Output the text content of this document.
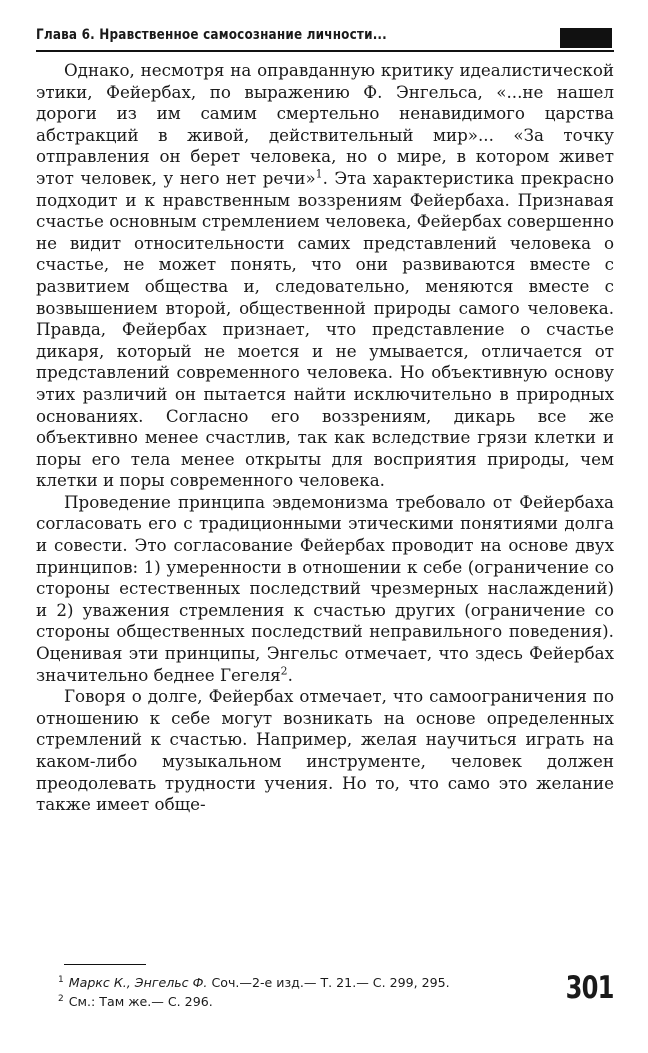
Глава 6. Нравственное самосознание личности...

Однако, несмотря на оправданную критику идеалистической этики, Фейербах, по выражению Ф. Энгельса, «...не нашел дороги из им самим смертельно ненавидимого царства абстракций в живой, действительный мир»... «За точку отправления он берет человека, но о мире, в котором живет этот человек, у него нет речи»$^1$. Эта характеристика прекрасно подходит и к нравственным воззрениям Фейербаха. Признавая счастье основным стремлением человека, Фейербах совершенно не видит относительности самих представлений человека о счастье, не может понять, что они развиваются вместе с развитием общества и, следовательно, меняются вместе с возвышением второй, общественной природы самого человека. Правда, Фейербах признает, что представление о счастье дикаря, который не моется и не умывается, отличается от представлений современного человека. Но объективную основу этих различий он пытается найти исключительно в природных основаниях. Согласно его воззрениям, дикарь все же объективно менее счастлив, так как вследствие грязи клетки и поры его тела менее открыты для восприятия природы, чем клетки и поры современного человека.

Проведение принципа эвдемонизма требовало от Фейербаха согласовать его с традиционными этическими понятиями долга и совести. Это согласование Фейербах проводит на основе двух принципов: 1) умеренности в отношении к себе (ограничение со стороны естественных последствий чрезмерных наслаждений) и 2) уважения стремления к счастью других (ограничение со стороны общественных последствий неправильного поведения). Оценивая эти принципы, Энгельс отмечает, что здесь Фейербах значительно беднее Гегеля$^2$.

Говоря о долге, Фейербах отмечает, что самоограничения по отношению к себе могут возникать на основе определенных стремлений к счастью. Например, желая научиться играть на каком-либо музыкальном инструменте, человек должен преодолевать трудности учения. Но то, что само это желание также имеет обще-

$^1$ Маркс К., Энгельс Ф. Соч.—2-е изд.— Т. 21.— С. 299, 295.
$^2$ См.: Там же.— С. 296.	301
